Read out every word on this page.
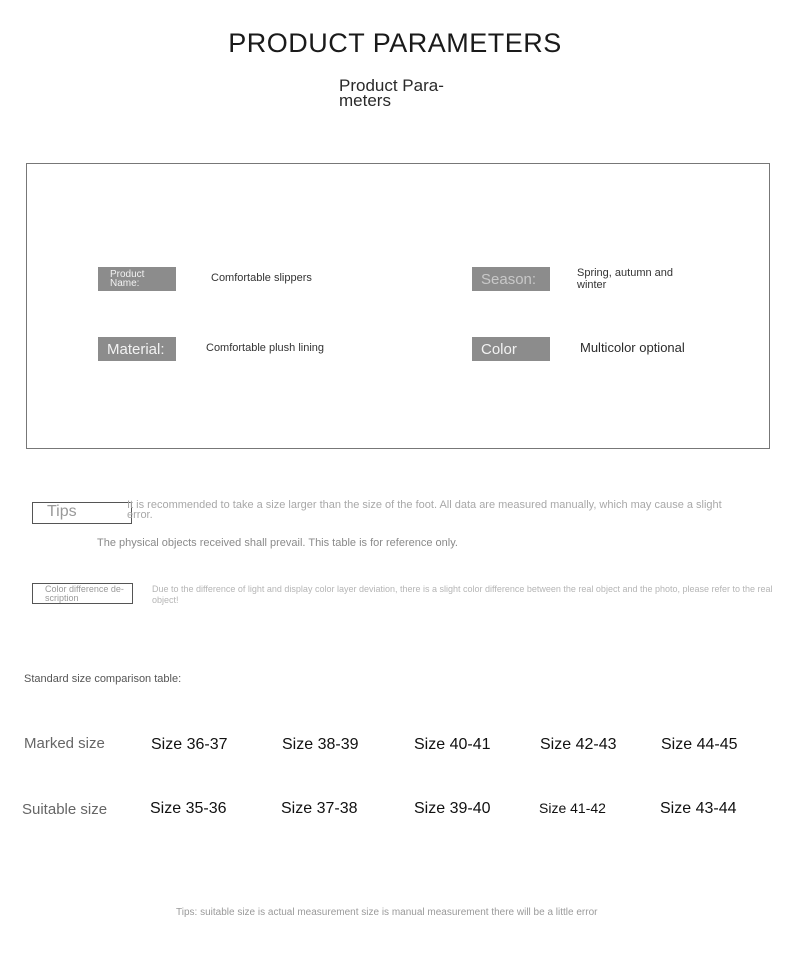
PRODUCT PARAMETERS
Product Para-
meters
Product Name:	Comfortable slippers	Season:	Spring, autumn and
winter
Material:	Comfortable plush lining	Color	Multicolor optional
Tips	It is recommended to take a size larger than the size of the foot. All data are measured manually, which may cause a slight error.
The physical objects received shall prevail. This table is for reference only.
Color difference de-
scription
Due to the difference of light and display color layer deviation, there is a slight color difference between the real object and the photo, please refer to the real object!
Standard size comparison table:
Marked size	Size 36-37	Size 38-39	Size 40-41	Size 42-43	Size 44-45
Suitable size	Size 35-36	Size 37-38	Size 39-40	Size 41-42	Size 43-44
Tips: suitable size is actual measurement size is manual measurement there will be a little error
